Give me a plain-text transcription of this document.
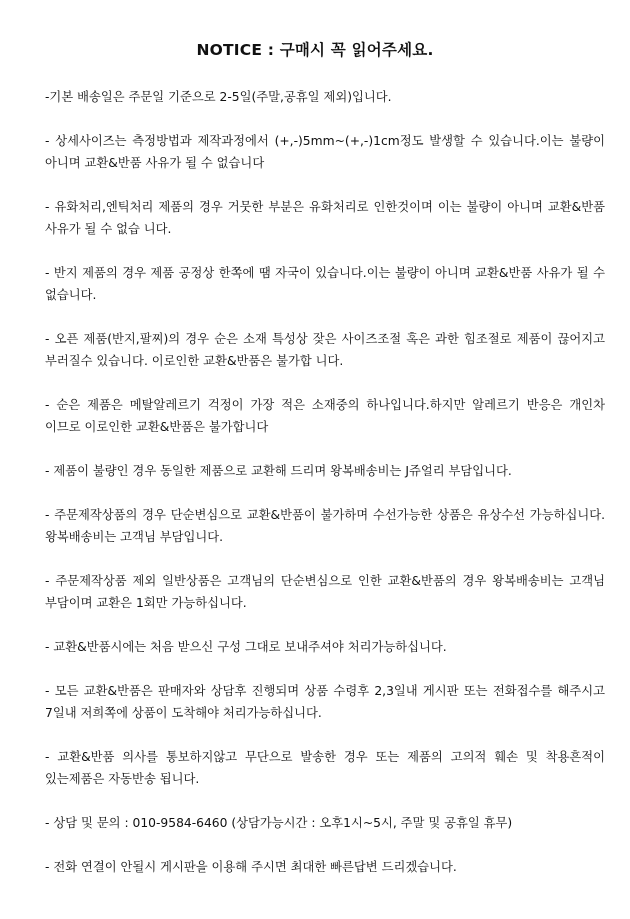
NOTICE : 구매시 꼭 읽어주세요.
-기본 배송일은 주문일 기준으로 2-5일(주말,공휴일 제외)입니다.
- 상세사이즈는 측정방법과 제작과정에서 (+,-)5mm~(+,-)1cm정도 발생할 수 있습니다.이는 불량이 아니며 교환&반품 사유가 될 수 없습니다
- 유화처리,엔틱처리 제품의 경우 거뭇한 부분은 유화처리로 인한것이며 이는 불량이 아니며 교환&반품 사유가 될 수 없습 니다.
- 반지 제품의 경우 제품 공정상 한쪽에 땜 자국이 있습니다.이는 불량이 아니며 교환&반품 사유가 될 수 없습니다.
- 오픈 제품(반지,팔찌)의 경우 순은 소재 특성상 잦은 사이즈조절 혹은 과한 힘조절로 제품이 끊어지고 부러질수 있습니다. 이로인한 교환&반품은 불가합 니다.
- 순은 제품은 메탈알레르기 걱정이 가장 적은 소재중의 하나입니다.하지만 알레르기 반응은 개인차 이므로 이로인한 교환&반품은 불가합니다
- 제품이 불량인 경우 동일한 제품으로 교환해 드리며 왕복배송비는 J쥬얼리 부담입니다.
- 주문제작상품의 경우 단순변심으로 교환&반품이 불가하며 수선가능한 상품은 유상수선 가능하십니다.왕복배송비는 고객님 부담입니다.
- 주문제작상품 제외 일반상품은 고객님의 단순변심으로 인한 교환&반품의 경우 왕복배송비는 고객님 부담이며 교환은 1회만 가능하십니다.
- 교환&반품시에는 처음 받으신 구성 그대로 보내주셔야 처리가능하십니다.
- 모든 교환&반품은 판매자와 상담후 진행되며 상품 수령후 2,3일내 게시판 또는 전화접수를 해주시고 7일내 저희쪽에 상품이 도착해야 처리가능하십니다.
- 교환&반품 의사를 통보하지않고 무단으로 발송한 경우 또는 제품의 고의적 훼손 및 착용흔적이 있는제품은 자동반송 됩니다.
- 상담 및 문의 : 010-9584-6460 (상담가능시간 : 오후1시~5시, 주말 및 공휴일 휴무)
- 전화 연결이 안될시 게시판을 이용해 주시면 최대한 빠른답변 드리겠습니다.
